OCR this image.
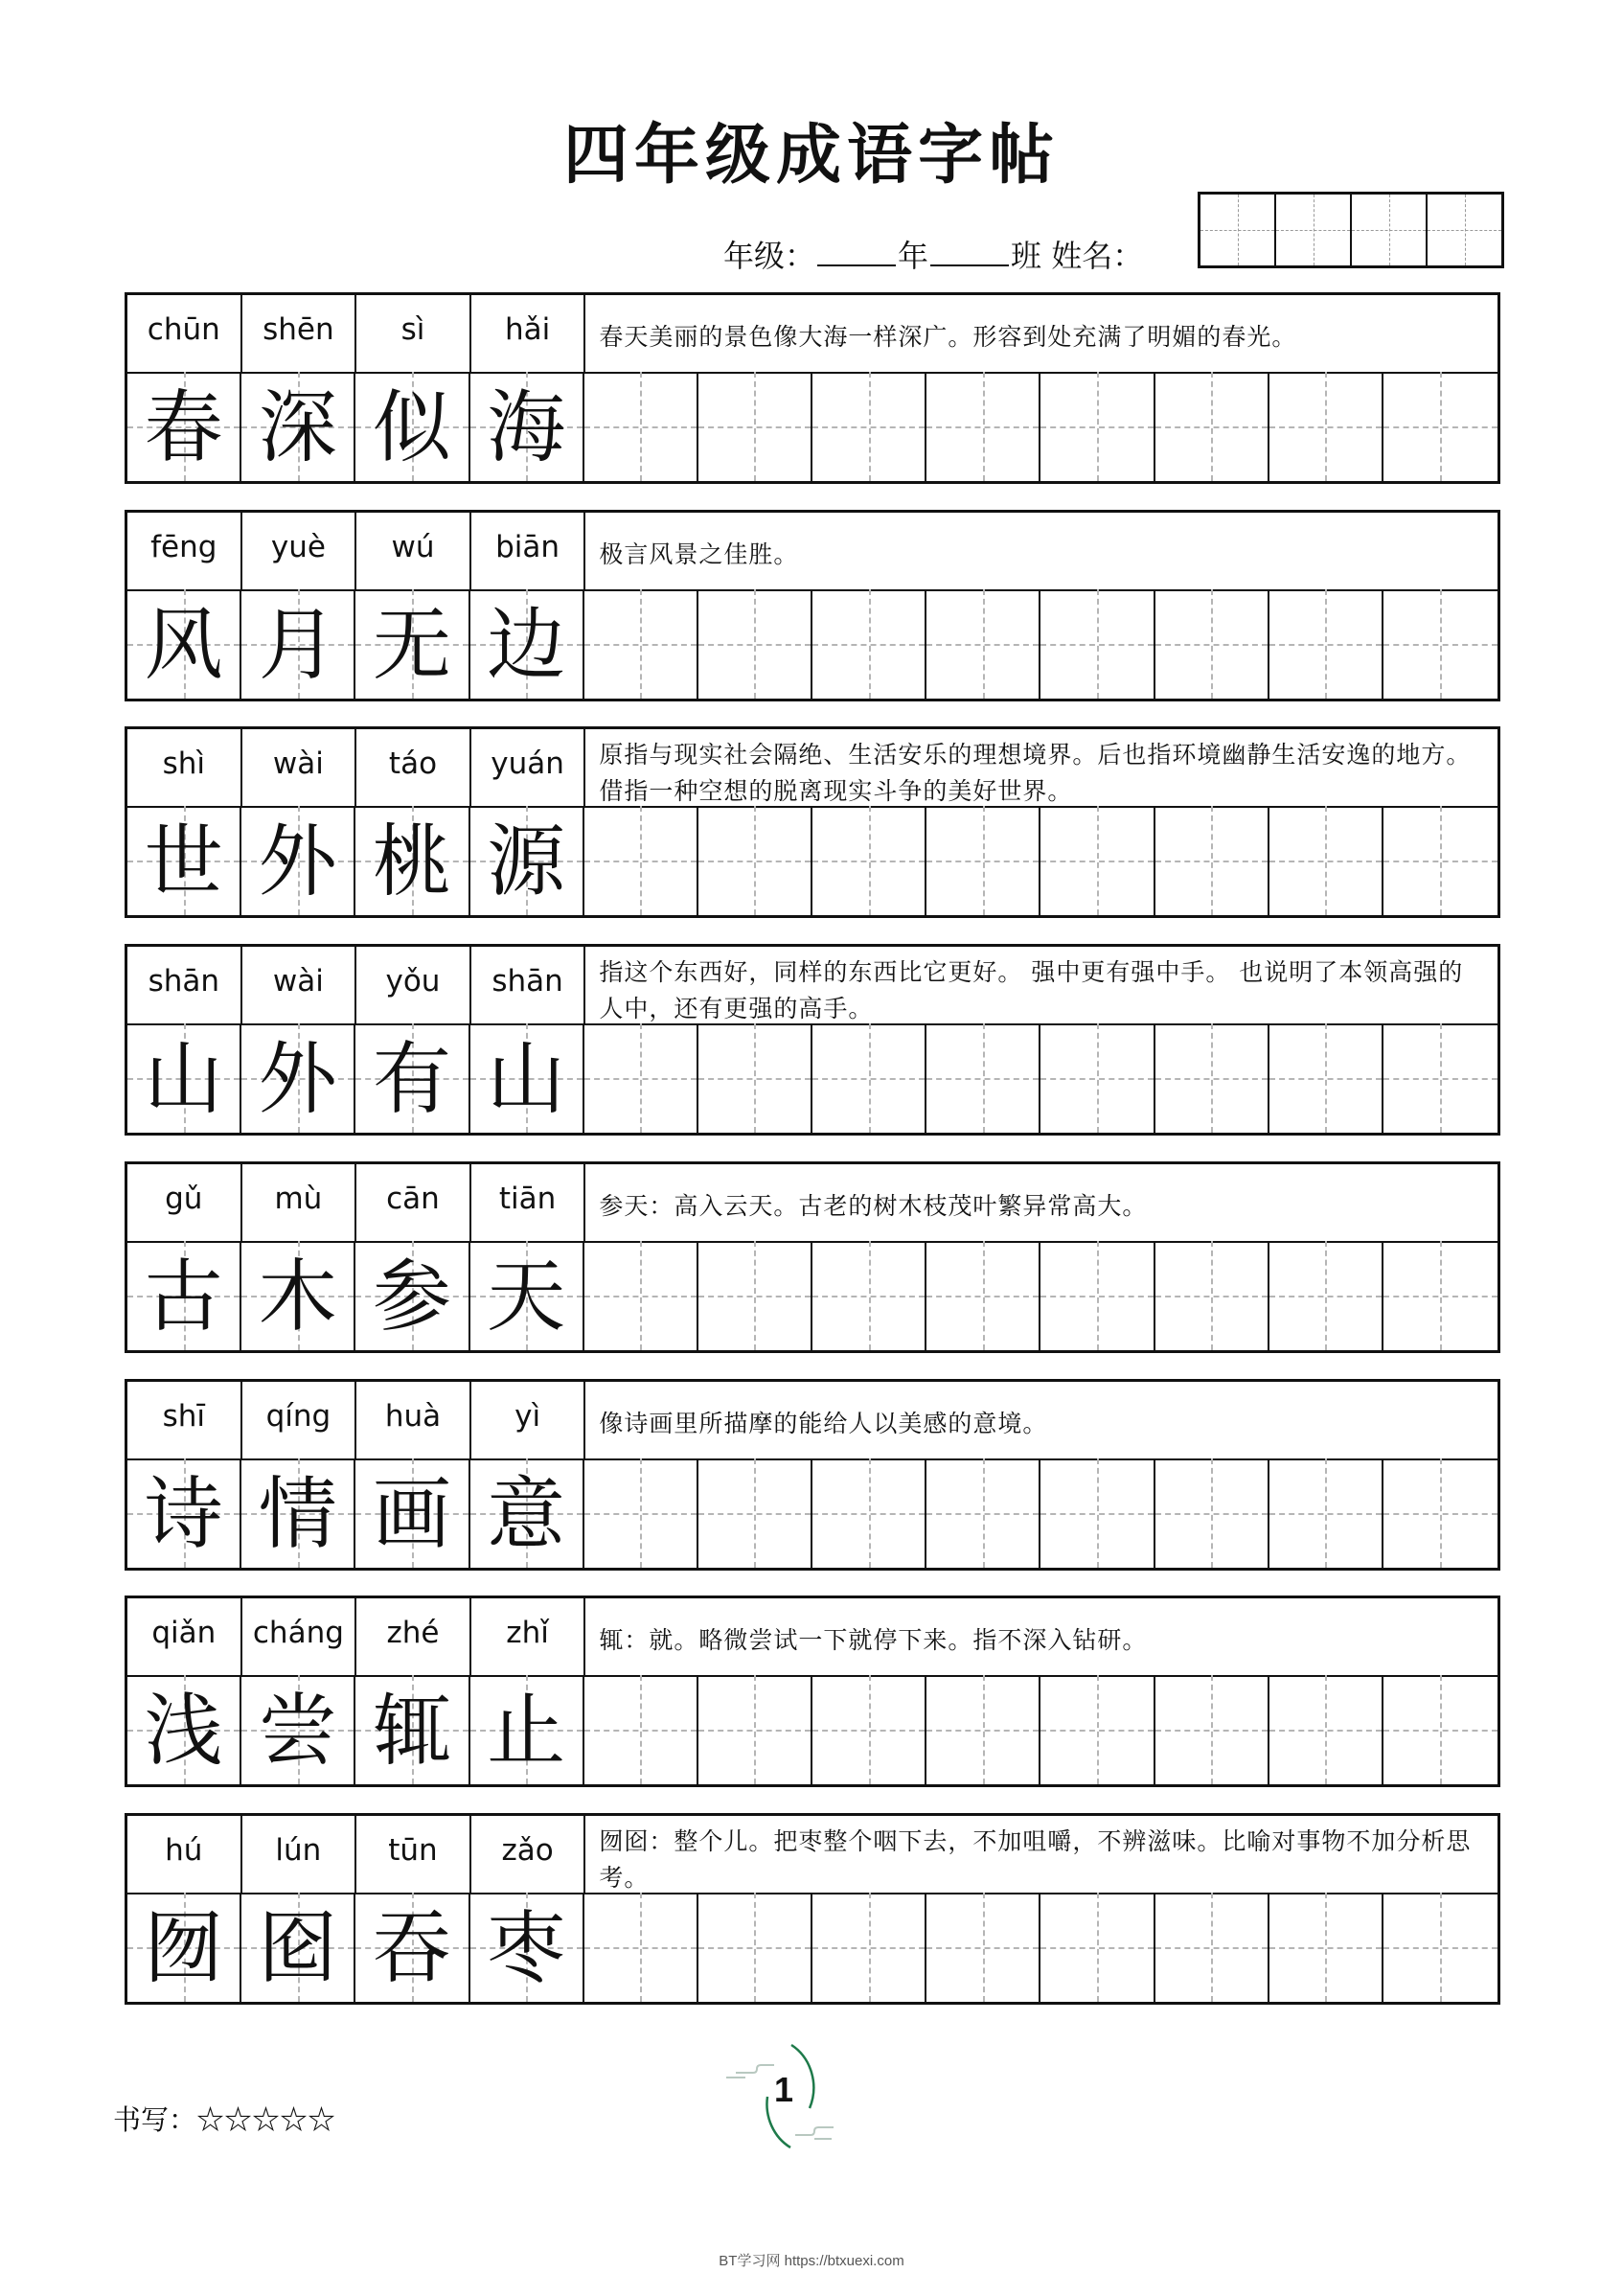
四年级成语字帖
年级：	年	班 姓名：
chūn	shēn	sì	hǎi	春天美丽的景色像大海一样深广。形容到处充满了明媚的春光。
春 深 似 海
fēng	yuè	wú	biān	极言风景之佳胜。
风 月 无 边
shì	wài	táo	yuán	原指与现实社会隔绝、生活安乐的理想境界。后也指环境幽静生活安逸的地方。借指一种空想的脱离现实斗争的美好世界。
世 外 桃 源
shān	wài	yǒu	shān	指这个东西好，同样的东西比它更好。 强中更有强中手。 也说明了本领高强的人中，还有更强的高手。
山 外 有 山
gǔ	mù	cān	tiān	参天：高入云天。古老的树木枝茂叶繁异常高大。
古 木 参 天
shī	qíng	huà	yì	像诗画里所描摩的能给人以美感的意境。
诗 情 画 意
qiǎn	cháng	zhé	zhǐ	辄：就。略微尝试一下就停下来。指不深入钻研。
浅 尝 辄 止
hú	lún	tūn	zǎo	囫囵：整个儿。把枣整个咽下去，不加咀嚼，不辨滋味。比喻对事物不加分析思考。
囫 囵 吞 枣
书写：☆☆☆☆☆
1
BT学习网 https://btxuexi.com
